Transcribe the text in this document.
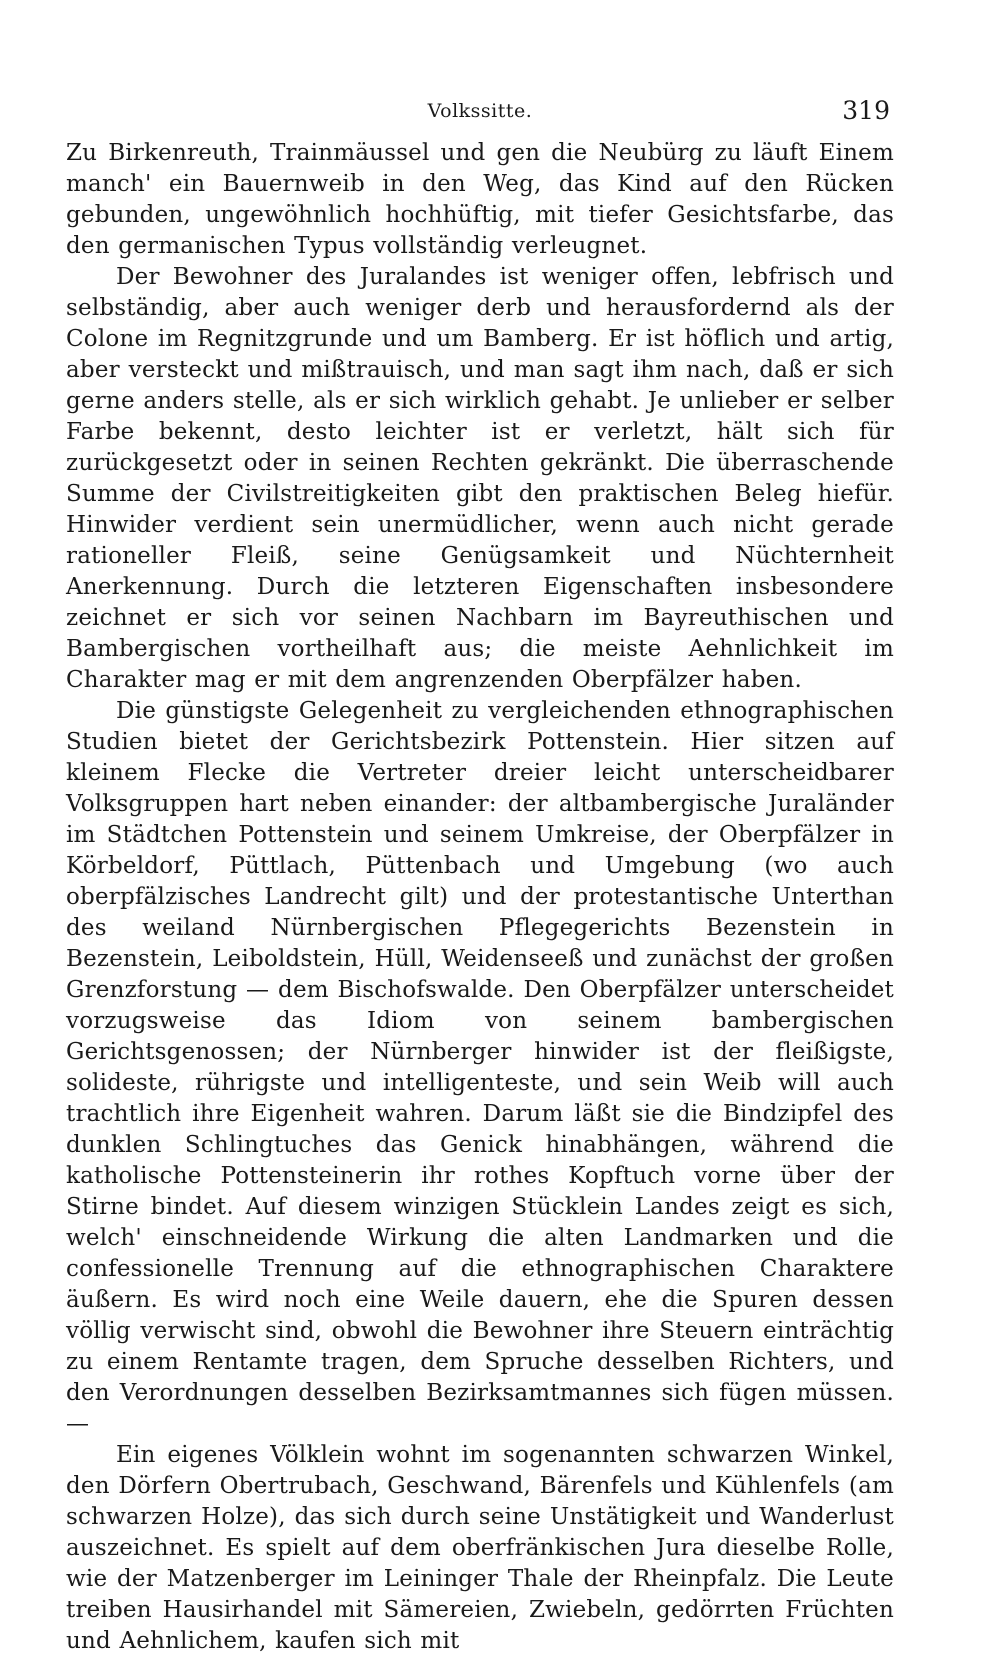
Volkssitte.	319

Zu Birkenreuth, Trainmäussel und gen die Neubürg zu läuft Einem manch' ein Bauernweib in den Weg, das Kind auf den Rücken gebunden, ungewöhnlich hochhüftig, mit tiefer Gesichtsfarbe, das den germanischen Typus vollständig verleugnet.

Der Bewohner des Juralandes ist weniger offen, lebfrisch und selbständig, aber auch weniger derb und herausfordernd als der Colone im Regnitzgrunde und um Bamberg. Er ist höflich und artig, aber versteckt und mißtrauisch, und man sagt ihm nach, daß er sich gerne anders stelle, als er sich wirklich gehabt. Je unlieber er selber Farbe bekennt, desto leichter ist er verletzt, hält sich für zurückgesetzt oder in seinen Rechten gekränkt. Die überraschende Summe der Civilstreitigkeiten gibt den praktischen Beleg hiefür. Hinwider verdient sein unermüdlicher, wenn auch nicht gerade rationeller Fleiß, seine Genügsamkeit und Nüchternheit Anerkennung. Durch die letzteren Eigenschaften insbesondere zeichnet er sich vor seinen Nachbarn im Bayreuthischen und Bambergischen vortheilhaft aus; die meiste Aehnlichkeit im Charakter mag er mit dem angrenzenden Oberpfälzer haben.

Die günstigste Gelegenheit zu vergleichenden ethnographischen Studien bietet der Gerichtsbezirk Pottenstein. Hier sitzen auf kleinem Flecke die Vertreter dreier leicht unterscheidbarer Volksgruppen hart neben einander: der altbambergische Juraländer im Städtchen Pottenstein und seinem Umkreise, der Oberpfälzer in Körbeldorf, Püttlach, Püttenbach und Umgebung (wo auch oberpfälzisches Landrecht gilt) und der protestantische Unterthan des weiland Nürnbergischen Pflegegerichts Bezenstein in Bezenstein, Leiboldstein, Hüll, Weidenseeß und zunächst der großen Grenzforstung — dem Bischofswalde. Den Oberpfälzer unterscheidet vorzugsweise das Idiom von seinem bambergischen Gerichtsgenossen; der Nürnberger hinwider ist der fleißigste, solideste, rührigste und intelligenteste, und sein Weib will auch trachtlich ihre Eigenheit wahren. Darum läßt sie die Bindzipfel des dunklen Schlingtuches das Genick hinabhängen, während die katholische Pottensteinerin ihr rothes Kopftuch vorne über der Stirne bindet. Auf diesem winzigen Stücklein Landes zeigt es sich, welch' einschneidende Wirkung die alten Landmarken und die confessionelle Trennung auf die ethnographischen Charaktere äußern. Es wird noch eine Weile dauern, ehe die Spuren dessen völlig verwischt sind, obwohl die Bewohner ihre Steuern einträchtig zu einem Rentamte tragen, dem Spruche desselben Richters, und den Verordnungen desselben Bezirksamtmannes sich fügen müssen. —

Ein eigenes Völklein wohnt im sogenannten schwarzen Winkel, den Dörfern Obertrubach, Geschwand, Bärenfels und Kühlenfels (am schwarzen Holze), das sich durch seine Unstätigkeit und Wanderlust auszeichnet. Es spielt auf dem oberfränkischen Jura dieselbe Rolle, wie der Matzenberger im Leininger Thale der Rheinpfalz. Die Leute treiben Hausirhandel mit Sämereien, Zwiebeln, gedörrten Früchten und Aehnlichem, kaufen sich mit
